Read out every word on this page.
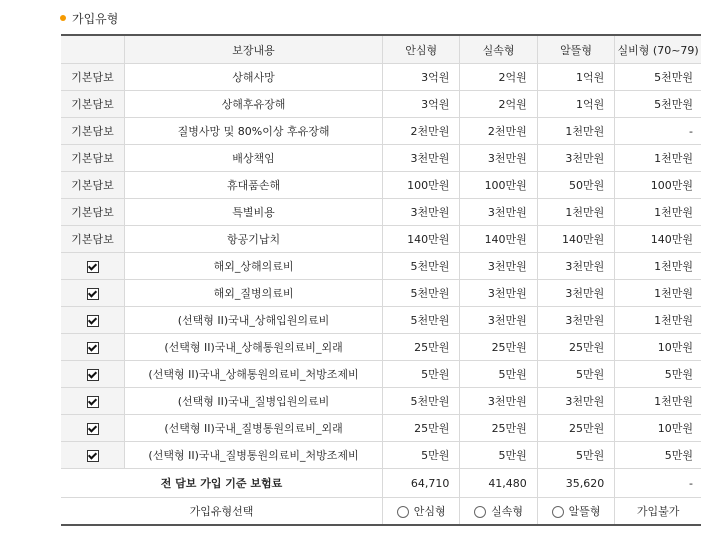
가입유형
	보장내용	안심형	실속형	알뜰형	실비형 (70~79)
기본담보	상해사망	3억원	2억원	1억원	5천만원
기본담보	상해후유장해	3억원	2억원	1억원	5천만원
기본담보	질병사망 및 80%이상 후유장해	2천만원	2천만원	1천만원	-
기본담보	배상책임	3천만원	3천만원	3천만원	1천만원
기본담보	휴대품손해	100만원	100만원	50만원	100만원
기본담보	특별비용	3천만원	3천만원	1천만원	1천만원
기본담보	항공기납치	140만원	140만원	140만원	140만원
	해외_상해의료비	5천만원	3천만원	3천만원	1천만원
	해외_질병의료비	5천만원	3천만원	3천만원	1천만원
	(선택형 II)국내_상해입원의료비	5천만원	3천만원	3천만원	1천만원
	(선택형 II)국내_상해통원의료비_외래	25만원	25만원	25만원	10만원
	(선택형 II)국내_상해통원의료비_처방조제비	5만원	5만원	5만원	5만원
	(선택형 II)국내_질병입원의료비	5천만원	3천만원	3천만원	1천만원
	(선택형 II)국내_질병통원의료비_외래	25만원	25만원	25만원	10만원
	(선택형 II)국내_질병통원의료비_처방조제비	5만원	5만원	5만원	5만원
전 담보 가입 기준 보험료		64,710	41,480	35,620	-
가입유형선택		안심형	실속형	알뜰형	가입불가
